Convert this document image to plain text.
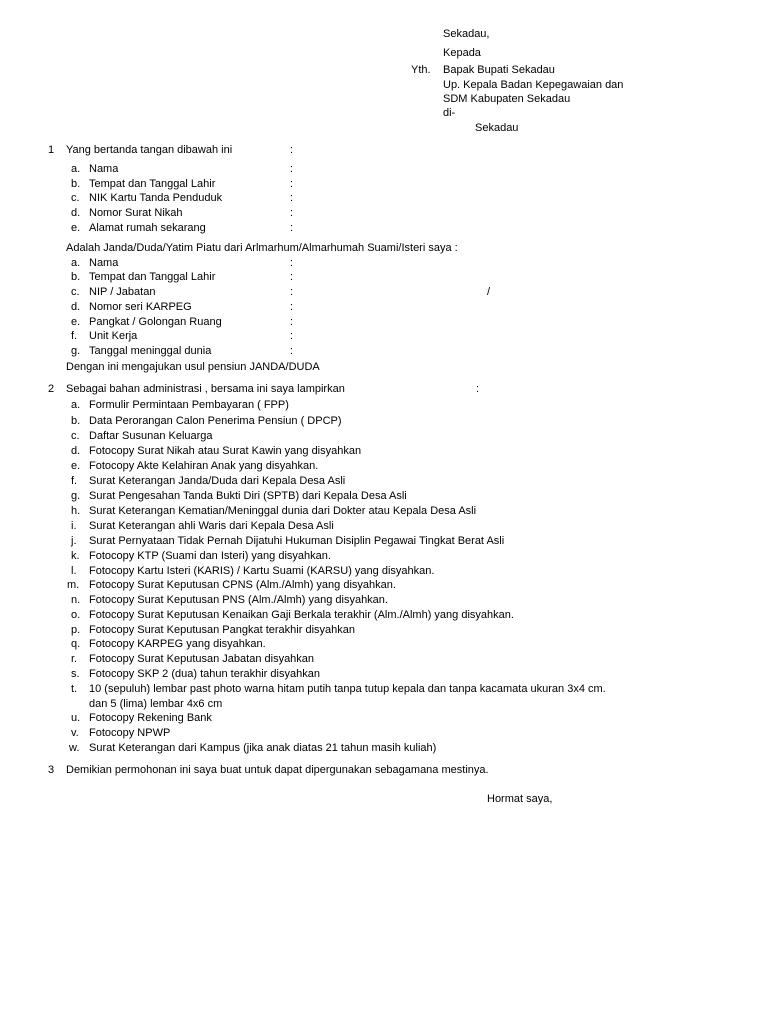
Sekadau,
Kepada
Yth. Bapak Bupati Sekadau
Up. Kepala Badan Kepegawaian dan
SDM Kabupaten Sekadau
di-
Sekadau
1 Yang bertanda tangan dibawah ini	:
a. Nama	:
b. Tempat dan Tanggal Lahir	:
c. NIK Kartu Tanda Penduduk	:
d. Nomor Surat Nikah	:
e. Alamat rumah sekarang	:
Adalah Janda/Duda/Yatim Piatu dari Arlmarhum/Almarhumah Suami/Isteri saya :
a. Nama	:
b. Tempat dan Tanggal Lahir	:
c. NIP / Jabatan	:	/
d. Nomor seri KARPEG	:
e. Pangkat / Golongan Ruang	:
f. Unit Kerja	:
g. Tanggal meninggal dunia	:
Dengan ini mengajukan usul pensiun JANDA/DUDA
2 Sebagai bahan administrasi , bersama ini saya lampirkan	:
a. Formulir Permintaan Pembayaran ( FPP)
b. Data Perorangan Calon Penerima Pensiun ( DPCP)
c. Daftar Susunan Keluarga
d. Fotocopy Surat Nikah atau Surat Kawin yang disyahkan
e. Fotocopy Akte Kelahiran Anak yang disyahkan.
f. Surat Keterangan Janda/Duda dari Kepala Desa Asli
g. Surat Pengesahan Tanda Bukti Diri (SPTB) dari Kepala Desa Asli
h. Surat Keterangan Kematian/Meninggal dunia dari Dokter atau Kepala Desa Asli
i. Surat Keterangan ahli Waris dari Kepala Desa Asli
j. Surat Pernyataan Tidak Pernah Dijatuhi Hukuman Disiplin Pegawai Tingkat Berat Asli
k. Fotocopy KTP (Suami dan Isteri) yang disyahkan.
l. Fotocopy Kartu Isteri (KARIS) / Kartu Suami (KARSU) yang disyahkan.
m. Fotocopy Surat Keputusan CPNS (Alm./Almh) yang disyahkan.
n. Fotocopy Surat Keputusan PNS (Alm./Almh) yang disyahkan.
o. Fotocopy Surat Keputusan Kenaikan Gaji Berkala terakhir (Alm./Almh) yang disyahkan.
p. Fotocopy Surat Keputusan Pangkat terakhir disyahkan
q. Fotocopy KARPEG yang disyahkan.
r. Fotocopy Surat Keputusan Jabatan disyahkan
s. Fotocopy SKP 2 (dua) tahun terakhir disyahkan
t. 10 (sepuluh) lembar past photo warna hitam putih tanpa tutup kepala dan tanpa kacamata ukuran 3x4 cm.
dan 5 (lima) lembar 4x6 cm
u. Fotocopy Rekening Bank
v. Fotocopy NPWP
w. Surat Keterangan dari Kampus (jika anak diatas 21 tahun masih kuliah)
3 Demikian permohonan ini saya buat untuk dapat dipergunakan sebagamana mestinya.
Hormat saya,
